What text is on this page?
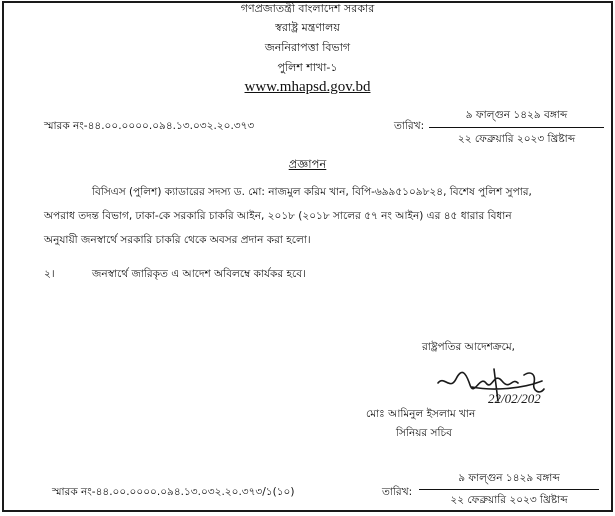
গণপ্রজাতন্ত্রী বাংলাদেশ সরকার
স্বরাষ্ট্র মন্ত্রণালয়
জননিরাপত্তা বিভাগ
পুলিশ শাখা-১
www.mhapsd.gov.bd
স্মারক নং-৪৪.০০.০০০০.০৯৪.১৩.০৩২.২০.৩৭৩	তারিখ:
৯ ফাল্গুন ১৪২৯ বঙ্গাব্দ
২২ ফেব্রুয়ারি ২০২৩ খ্রিষ্টাব্দ
প্রজ্ঞাপন
বিসিএস (পুলিশ) ক্যাডারের সদস্য ড. মো: নাজমুল করিম খান, বিপি-৬৯৯৫১০৯৮২৪, বিশেষ পুলিশ সুপার,
অপরাধ তদন্ত বিভাগ, ঢাকা-কে সরকারি চাকরি আইন, ২০১৮ (২০১৮ সালের ৫৭ নং আইন) এর ৪৫ ধারার বিধান
অনুযায়ী জনস্বার্থে সরকারি চাকরি থেকে অবসর প্রদান করা হলো।
২।	জনস্বার্থে জারিকৃত এ আদেশ অবিলম্বে কার্যকর হবে।
রাষ্ট্রপতির আদেশক্রমে,
22/02/202
মোঃ আমিনুল ইসলাম খান
সিনিয়র সচিব
স্মারক নং-৪৪.০০.০০০০.০৯৪.১৩.০৩২.২০.৩৭৩/১(১০)	তারিখ:
৯ ফাল্গুন ১৪২৯ বঙ্গাব্দ
২২ ফেব্রুয়ারি ২০২৩ খ্রিষ্টাব্দ
